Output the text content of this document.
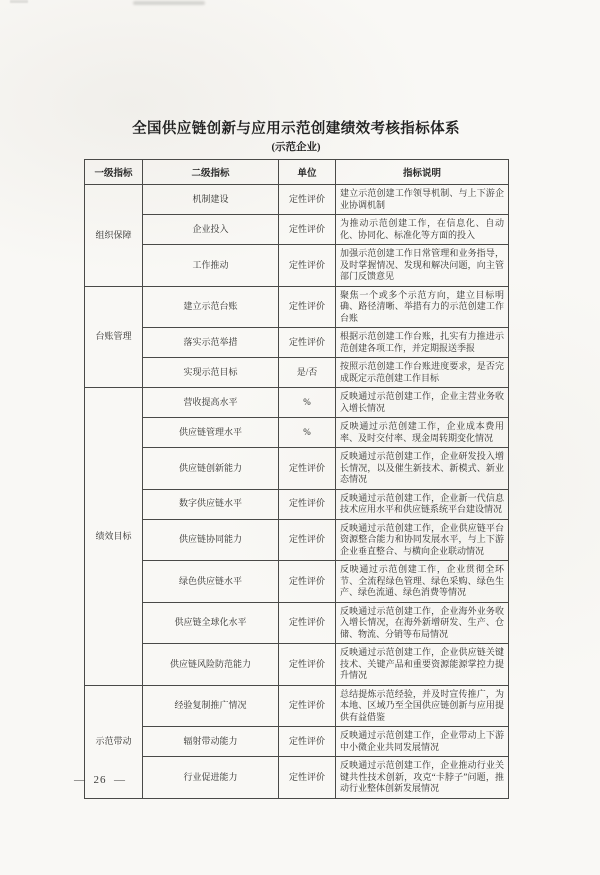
全国供应链创新与应用示范创建绩效考核指标体系
(示范企业)
一级指标	二级指标	单位	指标说明
组织保障	机制建设	定性评价	建立示范创建工作领导机制、与上下游企业协调机制
	企业投入	定性评价	为推动示范创建工作，在信息化、自动化、协同化、标准化等方面的投入
	工作推动	定性评价	加强示范创建工作日常管理和业务指导，及时掌握情况、发现和解决问题，向主管部门反馈意见
台账管理	建立示范台账	定性评价	聚焦一个或多个示范方向，建立目标明确、路径清晰、举措有力的示范创建工作台账
	落实示范举措	定性评价	根据示范创建工作台账，扎实有力推进示范创建各项工作，并定期报送季报
	实现示范目标	是/否	按照示范创建工作台账进度要求，是否完成既定示范创建工作目标
绩效目标	营收提高水平	%	反映通过示范创建工作，企业主营业务收入增长情况
	供应链管理水平	%	反映通过示范创建工作，企业成本费用率、及时交付率、现金周转期变化情况
	供应链创新能力	定性评价	反映通过示范创建工作，企业研发投入增长情况，以及催生新技术、新模式、新业态情况
	数字供应链水平	定性评价	反映通过示范创建工作，企业新一代信息技术应用水平和供应链系统平台建设情况
	供应链协同能力	定性评价	反映通过示范创建工作，企业供应链平台资源整合能力和协同发展水平，与上下游企业垂直整合、与横向企业联动情况
	绿色供应链水平	定性评价	反映通过示范创建工作，企业贯彻全环节、全流程绿色管理、绿色采购、绿色生产、绿色流通、绿色消费等情况
	供应链全球化水平	定性评价	反映通过示范创建工作，企业海外业务收入增长情况，在海外新增研发、生产、仓储、物流、分销等布局情况
	供应链风险防范能力	定性评价	反映通过示范创建工作，企业供应链关键技术、关键产品和重要资源能源掌控力提升情况
示范带动	经验复制推广情况	定性评价	总结提炼示范经验，并及时宣传推广，为本地、区域乃至全国供应链创新与应用提供有益借鉴
	辐射带动能力	定性评价	反映通过示范创建工作，企业带动上下游中小微企业共同发展情况
	行业促进能力	定性评价	反映通过示范创建工作，企业推动行业关键共性技术创新，攻克“卡脖子”问题，推动行业整体创新发展情况
—  26  —
